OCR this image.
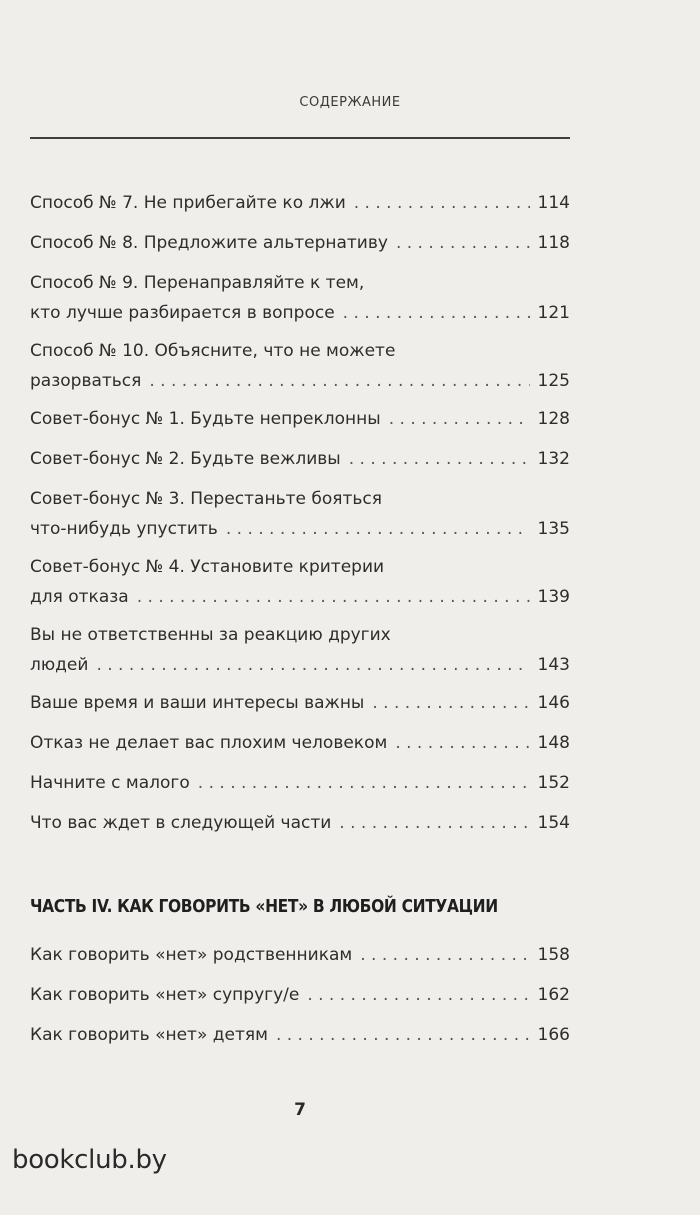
СОДЕРЖАНИЕ
Способ № 7. Не прибегайте ко лжи . . .	114
Способ № 8. Предложите альтернативу . . .	118
Способ № 9. Перенаправляйте к тем,
кто лучше разбирается в вопросе . . .	121
Способ № 10. Объясните, что не можете
разорваться . . .	125
Совет-бонус № 1. Будьте непреклонны . . .	128
Совет-бонус № 2. Будьте вежливы . . .	132
Совет-бонус № 3. Перестаньте бояться
что-нибудь упустить . . .	135
Совет-бонус № 4. Установите критерии
для отказа . . .	139
Вы не ответственны за реакцию других
людей . . .	143
Ваше время и ваши интересы важны . . .	146
Отказ не делает вас плохим человеком . . .	148
Начните с малого . . .	152
Что вас ждет в следующей части . . .	154
ЧАСТЬ IV. КАК ГОВОРИТЬ «НЕТ» В ЛЮБОЙ СИТУАЦИИ
Как говорить «нет» родственникам . . .	158
Как говорить «нет» супругу/е . . .	162
Как говорить «нет» детям . . .	166
7
bookclub.by
